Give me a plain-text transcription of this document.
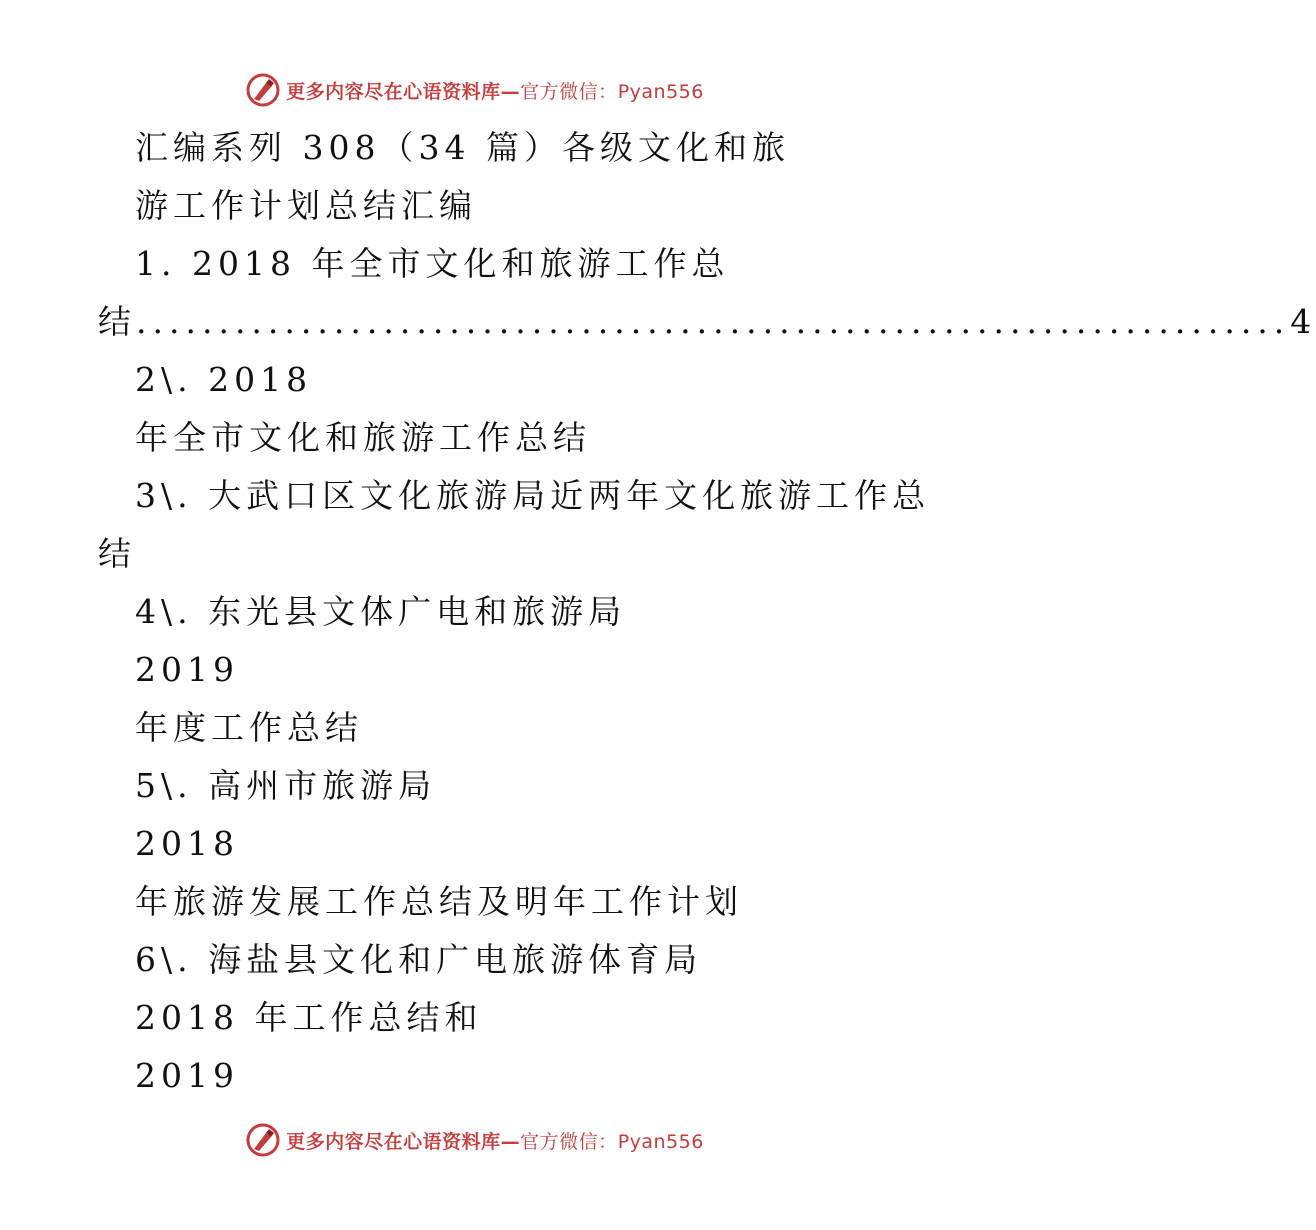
更多内容尽在心语资料库—官方微信：Pyan556
汇编系列 308（34 篇）各级文化和旅
游工作计划总结汇编
1. 2018 年全市文化和旅游工作总
结 ...................................................................... 4
2\. 2018
年全市文化和旅游工作总结
3\. 大武口区文化旅游局近两年文化旅游工作总
结
4\. 东光县文体广电和旅游局
2019
年度工作总结
5\. 高州市旅游局
2018
年旅游发展工作总结及明年工作计划
6\. 海盐县文化和广电旅游体育局
2018 年工作总结和
2019
更多内容尽在心语资料库—官方微信：Pyan556
